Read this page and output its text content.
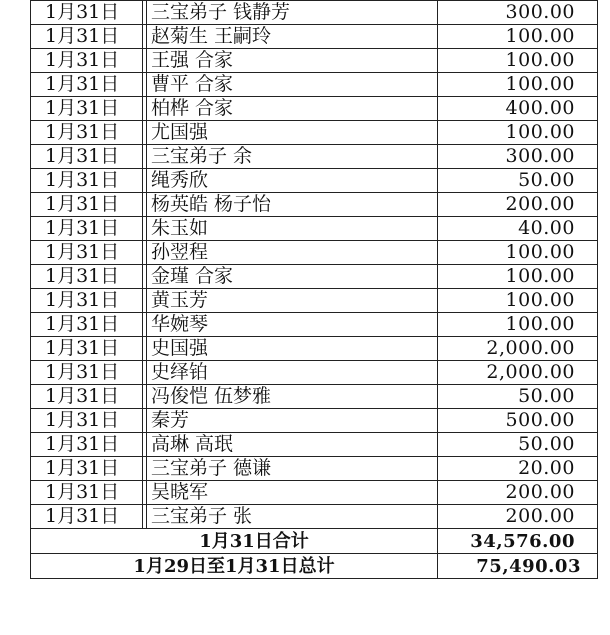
1月31日		三宝弟子 钱静芳	300.00
1月31日		赵菊生 王嗣玲	100.00
1月31日		王强 合家	100.00
1月31日		曹平 合家	100.00
1月31日		柏桦 合家	400.00
1月31日		尤国强	100.00
1月31日		三宝弟子 余	300.00
1月31日		绳秀欣	50.00
1月31日		杨英皓 杨子怡	200.00
1月31日		朱玉如	40.00
1月31日		孙翌程	100.00
1月31日		金瑾 合家	100.00
1月31日		黄玉芳	100.00
1月31日		华婉琴	100.00
1月31日		史国强	2,000.00
1月31日		史绎铂	2,000.00
1月31日		冯俊恺 伍梦雅	50.00
1月31日		秦芳	500.00
1月31日		高琳 高珉	50.00
1月31日		三宝弟子 德谦	20.00
1月31日		吴晓军	200.00
1月31日		三宝弟子 张	200.00
1月31日合计			34,576.00
1月29日至1月31日总计			75,490.03
